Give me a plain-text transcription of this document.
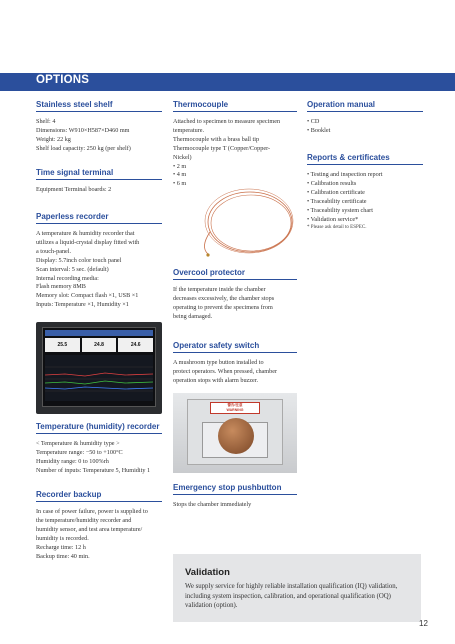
OPTIONS
Stainless steel shelf
Shelf: 4
Dimensions: W910×H587×D460 mm
Weight: 22 kg
Shelf load capacity: 250 kg (per shelf)
Time signal terminal
Equipment Terminal boards: 2
Paperless recorder
A temperature & humidity recorder that
utilizes a liquid-crystal display fitted with
a touch-panel.
Display: 5.7inch color touch panel
Scan interval: 5 sec. (default)
Internal recording media:
Flash memory 8MB
Memory slot: Compact flash ×1, USB ×1
Inputs: Temperature ×1, Humidity ×1
25.5	24.8	24.6
Temperature (humidity) recorder
< Temperature & humidity type >
Temperature range: −50 to +100°C
Humidity range: 0 to 100%rh
Number of inputs: Temperature 5, Humidity 1
Recorder backup
In case of power failure, power is supplied to
the temperature/humidity recorder and
humidity sensor, and test area temperature/
humidity is recorded.
Recharge time: 12 h
Backup time: 40 min.
Thermocouple
Attached to specimen to measure specimen
temperature.
Thermocouple with a brass ball tip
Thermocouple type T (Copper/Copper-
Nickel)
• 2 m
• 4 m
• 6 m
Overcool protector
If the temperature inside the chamber
decreases excessively, the chamber stops
operating to prevent the specimens from
being damaged.
Operator safety switch
A mushroom type button installed to
protect operators. When pressed, chamber
operation stops with alarm buzzer.
警告/注意
WARNING
Emergency stop pushbutton
Stops the chamber immediately
Operation manual
• CD
• Booklet
Reports & certificates
• Testing and inspection report
• Calibration results
• Calibration certificate
• Traceability certificate
• Traceability system chart
• Validation service*
* Please ask detail to ESPEC.
Validation
We supply service for highly reliable installation qualification (IQ) validation, including system inspection, calibration, and operational qualification (OQ) validation (option).
12
